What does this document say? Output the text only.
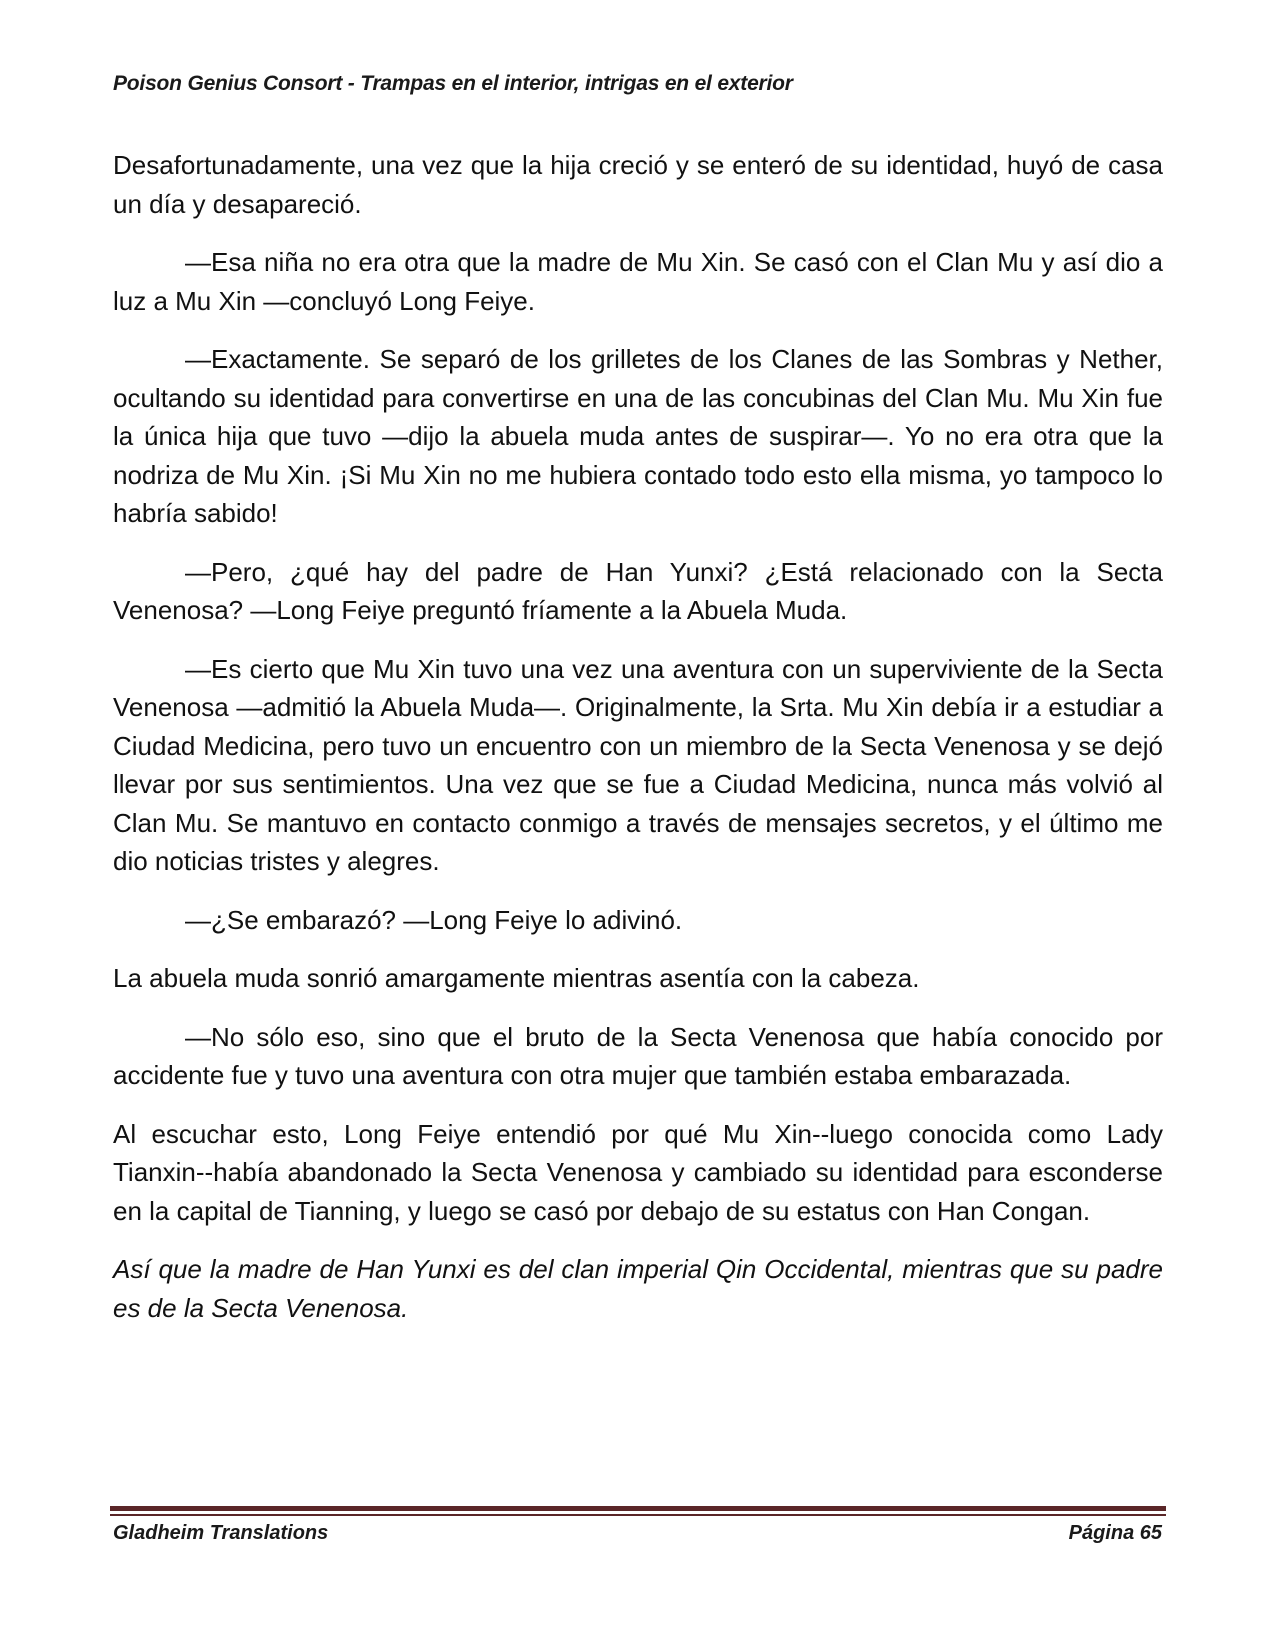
Poison Genius Consort - Trampas en el interior, intrigas en el exterior

Desafortunadamente, una vez que la hija creció y se enteró de su identidad, huyó de casa un día y desapareció.

—Esa niña no era otra que la madre de Mu Xin. Se casó con el Clan Mu y así dio a luz a Mu Xin —concluyó Long Feiye.

—Exactamente. Se separó de los grilletes de los Clanes de las Sombras y Nether, ocultando su identidad para convertirse en una de las concubinas del Clan Mu. Mu Xin fue la única hija que tuvo —dijo la abuela muda antes de suspirar—. Yo no era otra que la nodriza de Mu Xin. ¡Si Mu Xin no me hubiera contado todo esto ella misma, yo tampoco lo habría sabido!

—Pero, ¿qué hay del padre de Han Yunxi? ¿Está relacionado con la Secta Venenosa? —Long Feiye preguntó fríamente a la Abuela Muda.

—Es cierto que Mu Xin tuvo una vez una aventura con un superviviente de la Secta Venenosa —admitió la Abuela Muda—. Originalmente, la Srta. Mu Xin debía ir a estudiar a Ciudad Medicina, pero tuvo un encuentro con un miembro de la Secta Venenosa y se dejó llevar por sus sentimientos. Una vez que se fue a Ciudad Medicina, nunca más volvió al Clan Mu. Se mantuvo en contacto conmigo a través de mensajes secretos, y el último me dio noticias tristes y alegres.

—¿Se embarazó? —Long Feiye lo adivinó.

La abuela muda sonrió amargamente mientras asentía con la cabeza.

—No sólo eso, sino que el bruto de la Secta Venenosa que había conocido por accidente fue y tuvo una aventura con otra mujer que también estaba embarazada.

Al escuchar esto, Long Feiye entendió por qué Mu Xin--luego conocida como Lady Tianxin--había abandonado la Secta Venenosa y cambiado su identidad para esconderse en la capital de Tianning, y luego se casó por debajo de su estatus con Han Congan.

Así que la madre de Han Yunxi es del clan imperial Qin Occidental, mientras que su padre es de la Secta Venenosa.

Gladheim Translations	Página 65
